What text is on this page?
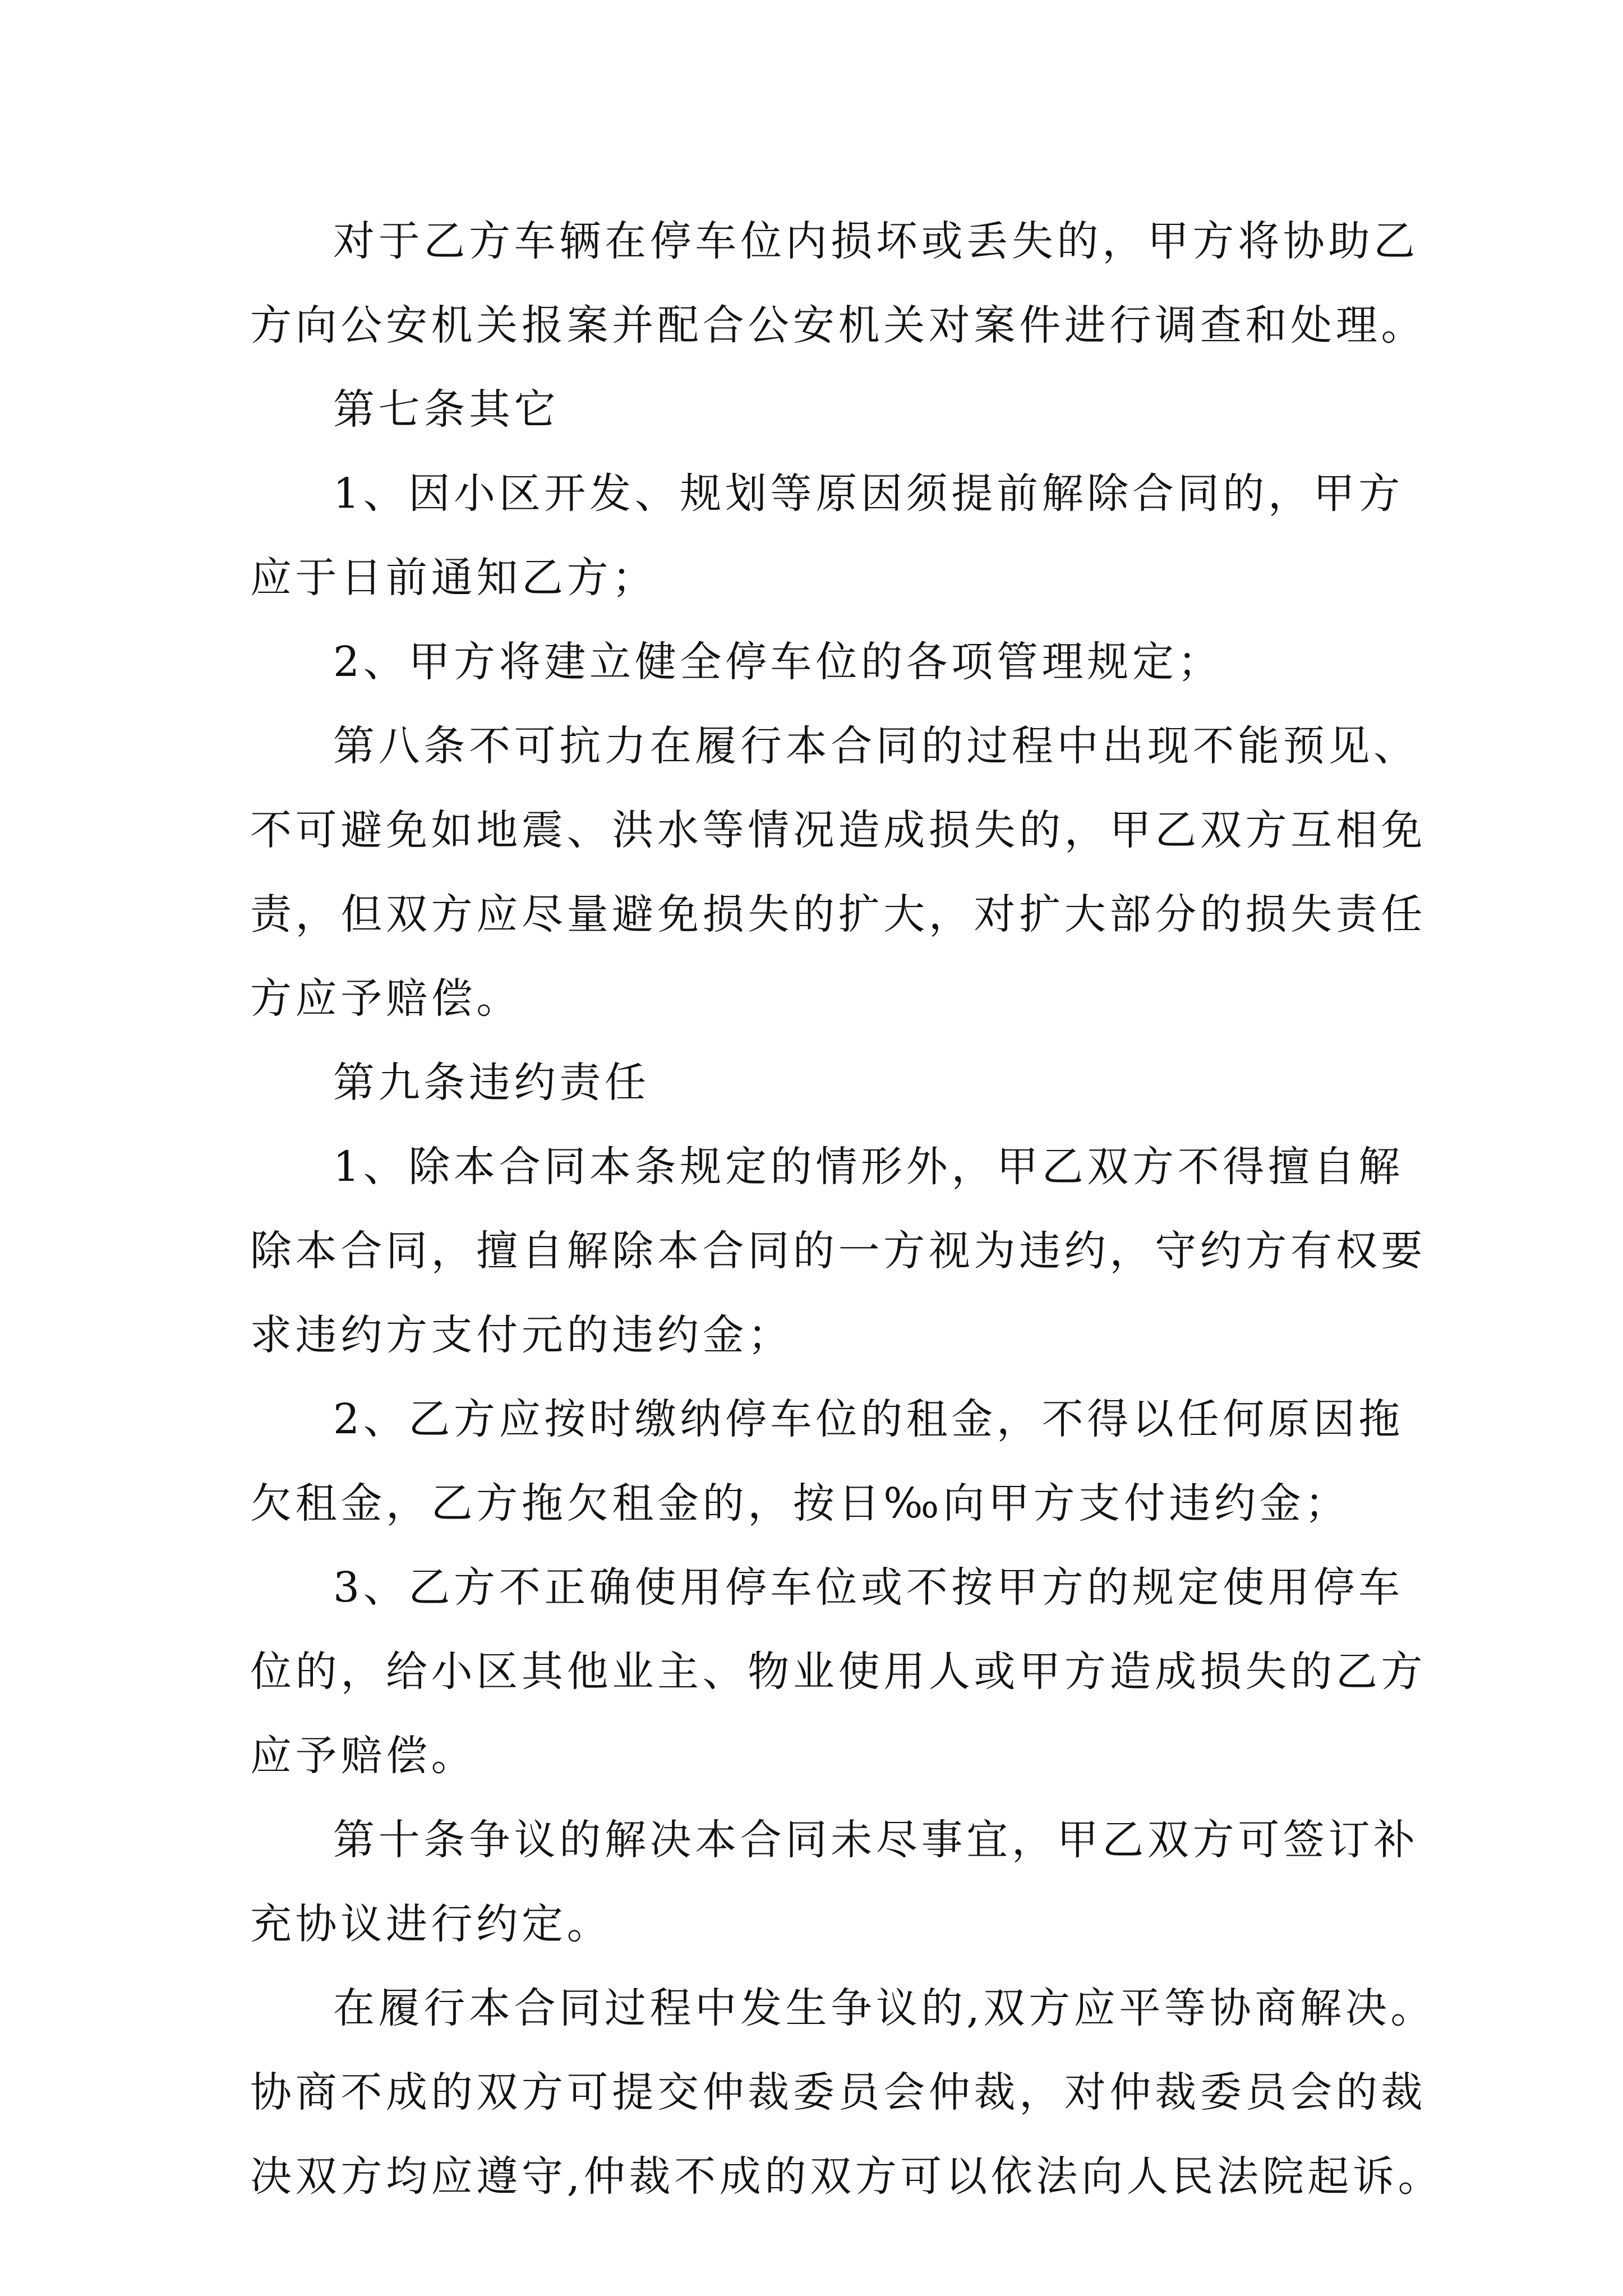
对于乙方车辆在停车位内损坏或丢失的，甲方将协助乙
方向公安机关报案并配合公安机关对案件进行调查和处理。
第七条其它
1、因小区开发、规划等原因须提前解除合同的，甲方
应于日前通知乙方；
2、甲方将建立健全停车位的各项管理规定；
第八条不可抗力在履行本合同的过程中出现不能预见、
不可避免如地震、洪水等情况造成损失的，甲乙双方互相免
责，但双方应尽量避免损失的扩大，对扩大部分的损失责任
方应予赔偿。
第九条违约责任
1、除本合同本条规定的情形外，甲乙双方不得擅自解
除本合同，擅自解除本合同的一方视为违约，守约方有权要
求违约方支付元的违约金；
2、乙方应按时缴纳停车位的租金，不得以任何原因拖
欠租金，乙方拖欠租金的，按日‰向甲方支付违约金；
3、乙方不正确使用停车位或不按甲方的规定使用停车
位的，给小区其他业主、物业使用人或甲方造成损失的乙方
应予赔偿。
第十条争议的解决本合同未尽事宜，甲乙双方可签订补
充协议进行约定。
在履行本合同过程中发生争议的,双方应平等协商解决。
协商不成的双方可提交仲裁委员会仲裁，对仲裁委员会的裁
决双方均应遵守,仲裁不成的双方可以依法向人民法院起诉。
